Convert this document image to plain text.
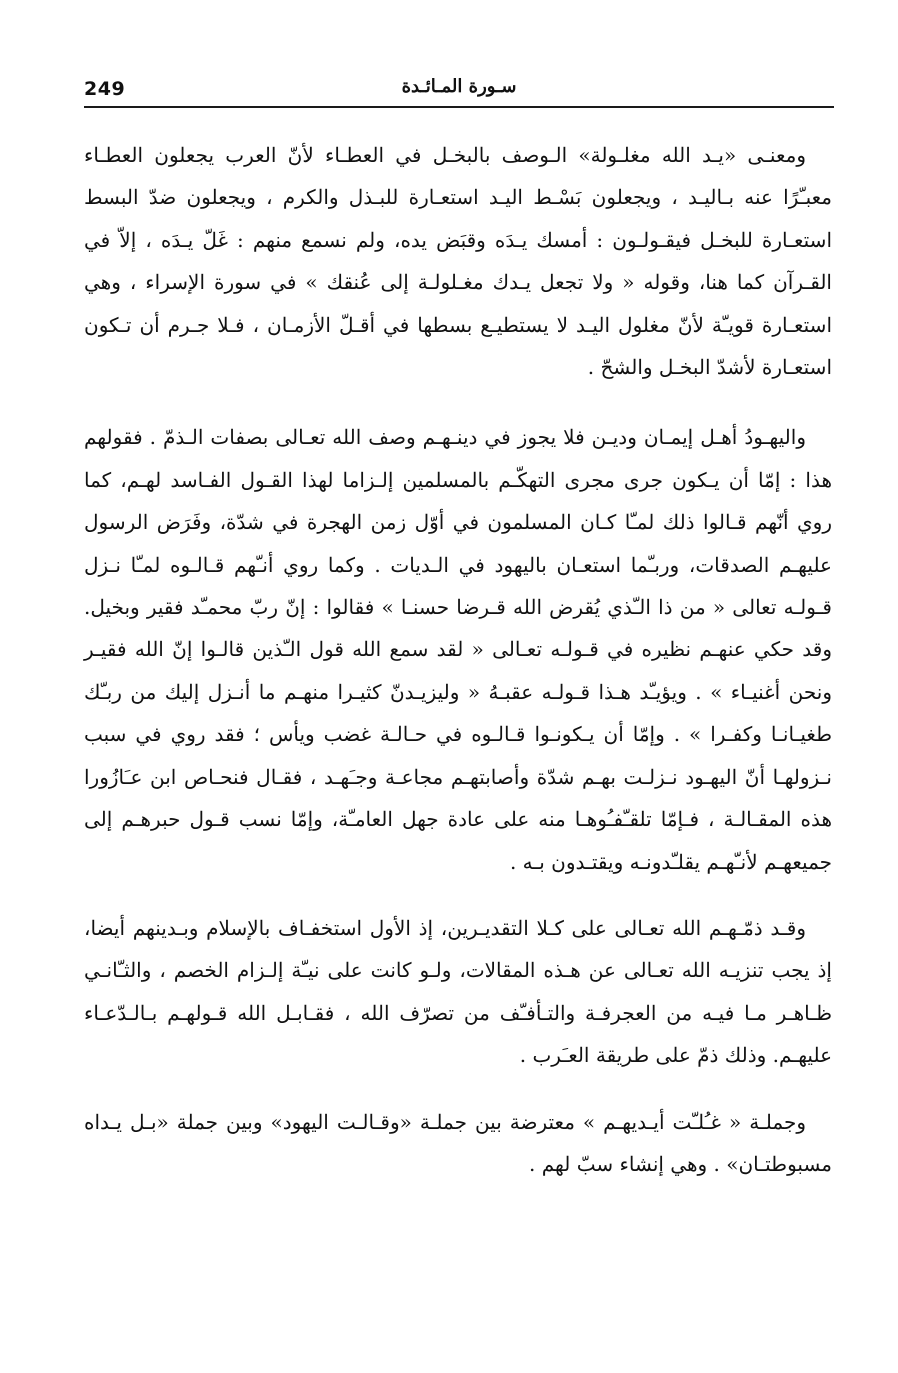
249	سـورة المـائـدة

ومعنـى «يـد الله مغلـولة» الـوصف بالبخـل في العطـاء لأنّ العرب يجعلون العطـاء معبـّرًا عنه بـاليـد ، ويجعلون بَسْـط اليـد استعـارة للبـذل والكرم ، ويجعلون ضدّ البسط استعـارة للبخـل فيقـولـون : أمسك يـدَه وقبَض يده، ولم نسمع منهم : غَلّ يـدَه ، إلاّ في القـرآن كما هنا، وقوله « ولا تجعل يـدك مغـلولـة إلى عُنقك » في سورة الإسراء ، وهي استعـارة قويـّة لأنّ مغلول اليـد لا يستطيـع بسطها في أقـلّ الأزمـان ، فـلا جـرم أن تـكون استعـارة لأشدّ البخـل والشحّ .

واليهـودُ أهـل إيمـان وديـن فلا يجوز في دينـهـم وصف الله تعـالى بصفات الـذمّ . فقولهم هذا : إمّا أن يـكون جرى مجرى التهكّـم بالمسلمين إلـزاما لهذا القـول الفـاسد لهـم، كما روي أنّهم قـالوا ذلك لمـّا كـان المسلمون في أوّل زمن الهجرة في شدّة، وفَرَض الرسول عليهـم الصدقات، وربـّما استعـان باليهود في الـديات . وكما روي أنـّهم قـالـوه لمـّا نـزل قـولـه تعالى « من ذا الـّذي يُقرض الله قـرضا حسنـا » فقالوا : إنّ ربّ محمـّد فقير وبخيل. وقد حكي عنهـم نظيره في قـولـه تعـالى « لقد سمع الله قول الـّذين قالـوا إنّ الله فقيـر ونحن أغنيـاء » . ويؤيـّد هـذا قـولـه عقبـهُ « وليزيـدنّ كثيـرا منهـم ما أنـزل إليك من ربـّك طغيـانـا وكفـرا » . وإمّا أن يـكونـوا قـالـوه في حـالـة غضب ويأس ؛ فقد روي في سبب نـزولهـا أنّ اليهـود نـزلـت بهـم شدّة وأصابتهـم مجاعـة وجـَهـد ، فقـال فنحـاص ابن عـَازُورا هذه المقـالـة ، فـإمّا تلقـّفـُوهـا منه على عادة جهل العامـّة، وإمّا نسب قـول حبرهـم إلى جميعهـم لأنـّهـم يقلـّدونـه ويقتـدون بـه .

وقـد ذمّـهـم الله تعـالى على كـلا التقديـرين، إذ الأول استخفـاف بالإسلام وبـدينهم أيضا، إذ يجب تنزيـه الله تعـالى عن هـذه المقالات، ولـو كانت على نيـّة إلـزام الخصم ، والثـّانـي ظـاهـر مـا فيـه من العجرفـة والتـأفـّف من تصرّف الله ، فقـابـل الله قـولهـم بـالـدّعـاء عليهـم. وذلك ذمّ على طريقة العـَرب .

وجملـة « غـُلـّت أيـديهـم » معترضة بين جملـة «وقـالـت اليهود» وبين جملة «بـل يـداه مسبوطتـان» . وهي إنشاء سبّ لهم .
